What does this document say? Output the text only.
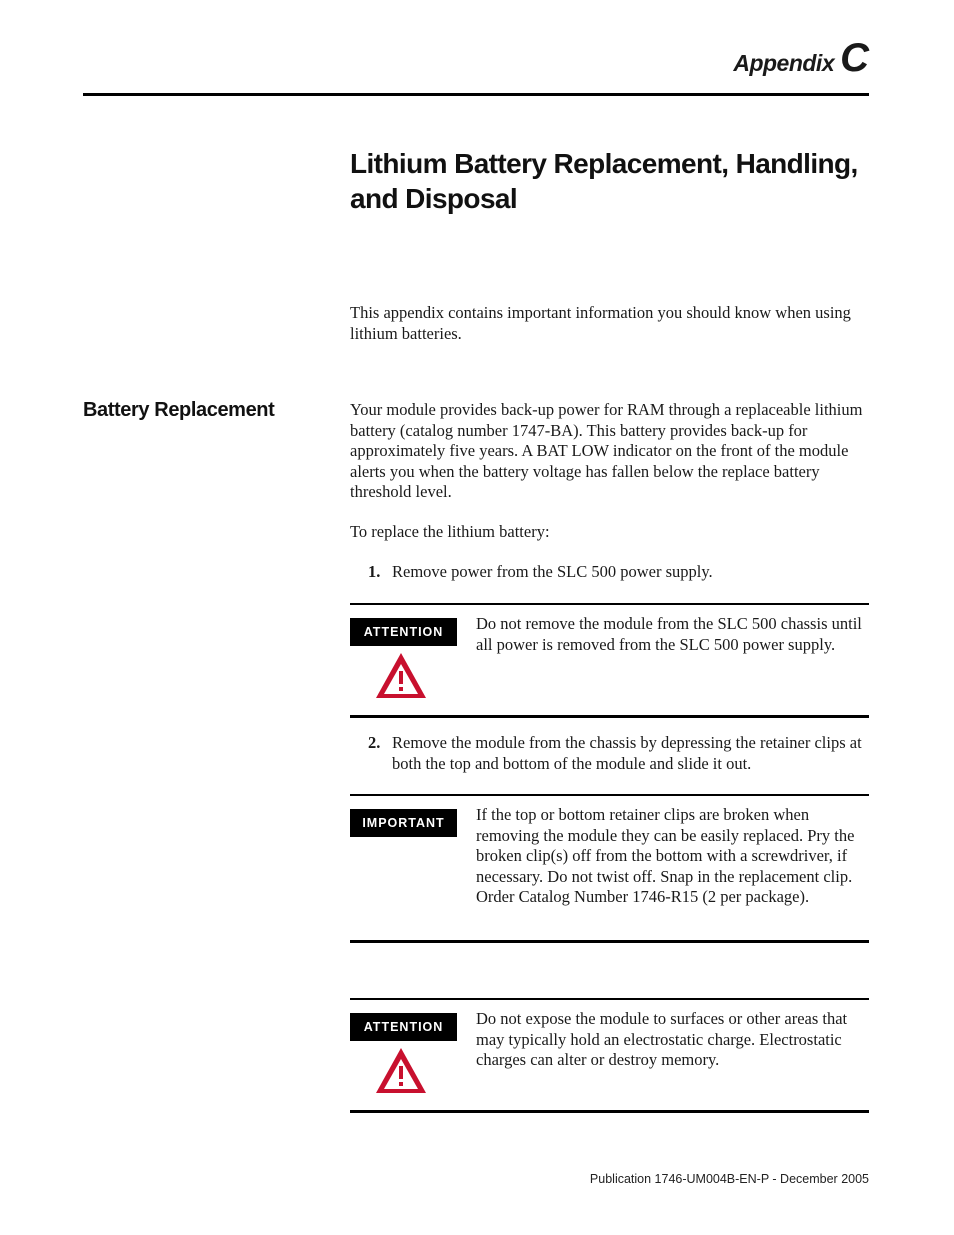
Appendix C
Lithium Battery Replacement, Handling, and Disposal
This appendix contains important information you should know when using lithium batteries.
Battery Replacement	Your module provides back-up power for RAM through a replaceable lithium battery (catalog number 1747-BA). This battery provides back-up for approximately five years. A BAT LOW indicator on the front of the module alerts you when the battery voltage has fallen below the replace battery threshold level.
To replace the lithium battery:
1. Remove power from the SLC 500 power supply.
ATTENTION	Do not remove the module from the SLC 500 chassis until all power is removed from the SLC 500 power supply.
2. Remove the module from the chassis by depressing the retainer clips at both the top and bottom of the module and slide it out.
IMPORTANT	If the top or bottom retainer clips are broken when removing the module they can be easily replaced. Pry the broken clip(s) off from the bottom with a screwdriver, if necessary. Do not twist off. Snap in the replacement clip. Order Catalog Number 1746-R15 (2 per package).
ATTENTION	Do not expose the module to surfaces or other areas that may typically hold an electrostatic charge. Electrostatic charges can alter or destroy memory.
Publication 1746-UM004B-EN-P - December 2005
